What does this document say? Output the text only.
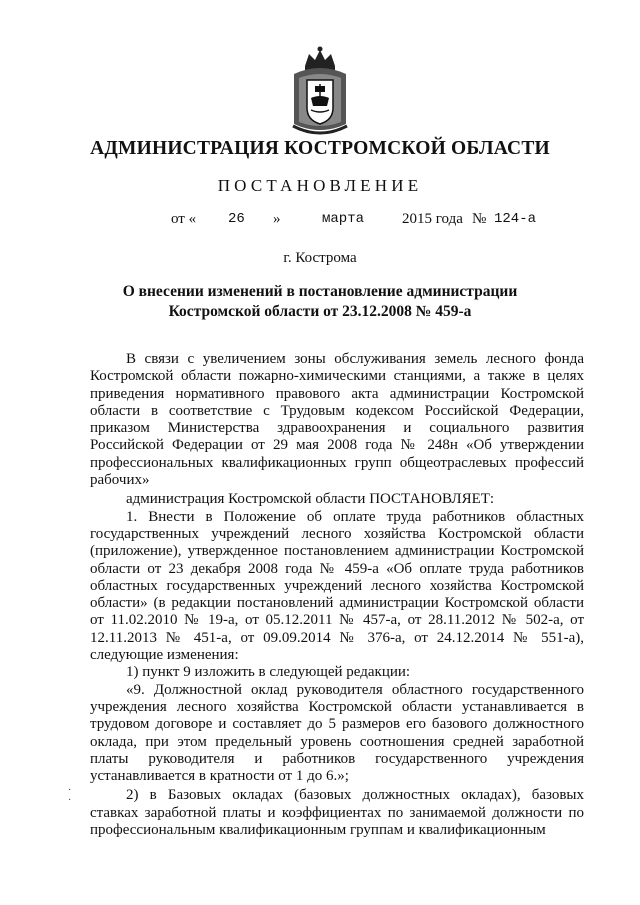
АДМИНИСТРАЦИЯ КОСТРОМСКОЙ ОБЛАСТИ
ПОСТАНОВЛЕНИЕ
от « 26 »	марта	2015 года № 124-а
г. Кострома
О внесении изменений в постановление администрации
Костромской области от 23.12.2008 № 459-а

В связи с увеличением зоны обслуживания земель лесного фонда Костромской области пожарно-химическими станциями, а также в целях приведения нормативного правового акта администрации Костромской области в соответствие с Трудовым кодексом Российской Федерации, приказом Министерства здравоохранения и социального развития Российской Федерации от 29 мая 2008 года № 248н «Об утверждении профессиональных квалификационных групп общеотраслевых профессий рабочих»

администрация Костромской области ПОСТАНОВЛЯЕТ:

1. Внести в Положение об оплате труда работников областных государственных учреждений лесного хозяйства Костромской области (приложение), утвержденное постановлением администрации Костромской области от 23 декабря 2008 года № 459-а «Об оплате труда работников областных государственных учреждений лесного хозяйства Костромской области» (в редакции постановлений администрации Костромской области от 11.02.2010 № 19-а, от 05.12.2011 № 457-а, от 28.11.2012 № 502-а, от 12.11.2013 № 451-а, от 09.09.2014 № 376-а, от 24.12.2014 № 551-а), следующие изменения:

1) пункт 9 изложить в следующей редакции:

«9. Должностной оклад руководителя областного государственного учреждения лесного хозяйства Костромской области устанавливается в трудовом договоре и составляет до 5 размеров его базового должностного оклада, при этом предельный уровень соотношения средней заработной платы руководителя и работников государственного учреждения устанавливается в кратности от 1 до 6.»;

2) в Базовых окладах (базовых должностных окладах), базовых ставках заработной платы и коэффициентах по занимаемой должности по профессиональным квалификационным группам и квалификационным

·
·
